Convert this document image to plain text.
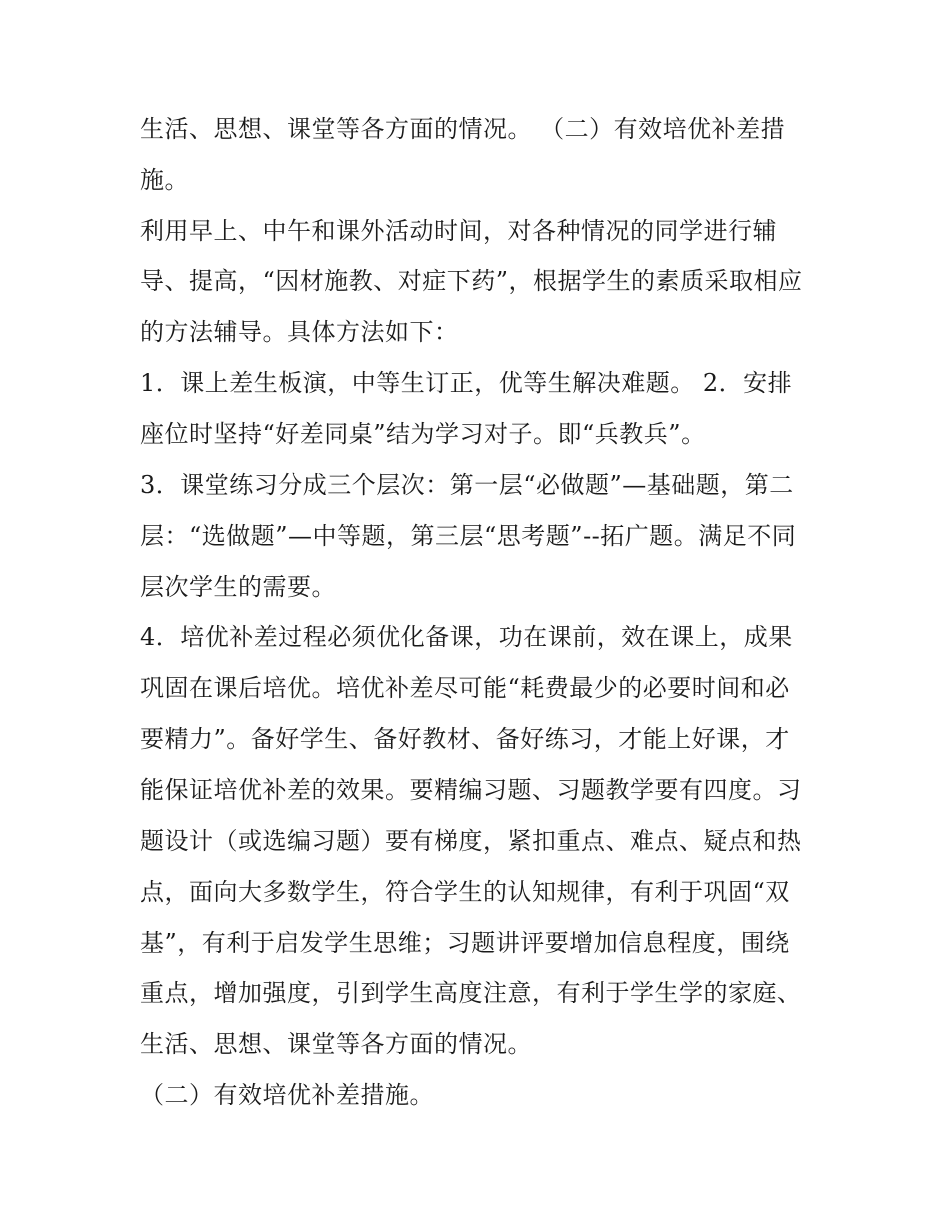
生活、思想、课堂等各方面的情况。 （二）有效培优补差措
施。
利用早上、中午和课外活动时间，对各种情况的同学进行辅
导、提高，“因材施教、对症下药”，根据学生的素质采取相应
的方法辅导。具体方法如下：
1．课上差生板演，中等生订正，优等生解决难题。 2．安排
座位时坚持“好差同桌”结为学习对子。即“兵教兵”。
3．课堂练习分成三个层次：第一层“必做题”—基础题，第二
层：“选做题”—中等题，第三层“思考题”--拓广题。满足不同
层次学生的需要。
4．培优补差过程必须优化备课，功在课前，效在课上，成果
巩固在课后培优。培优补差尽可能“耗费最少的必要时间和必
要精力”。备好学生、备好教材、备好练习，才能上好课，才
能保证培优补差的效果。要精编习题、习题教学要有四度。习
题设计（或选编习题）要有梯度，紧扣重点、难点、疑点和热
点，面向大多数学生，符合学生的认知规律，有利于巩固“双
基”，有利于启发学生思维；习题讲评要增加信息程度，围绕
重点，增加强度，引到学生高度注意，有利于学生学的家庭、
生活、思想、课堂等各方面的情况。
（二）有效培优补差措施。
